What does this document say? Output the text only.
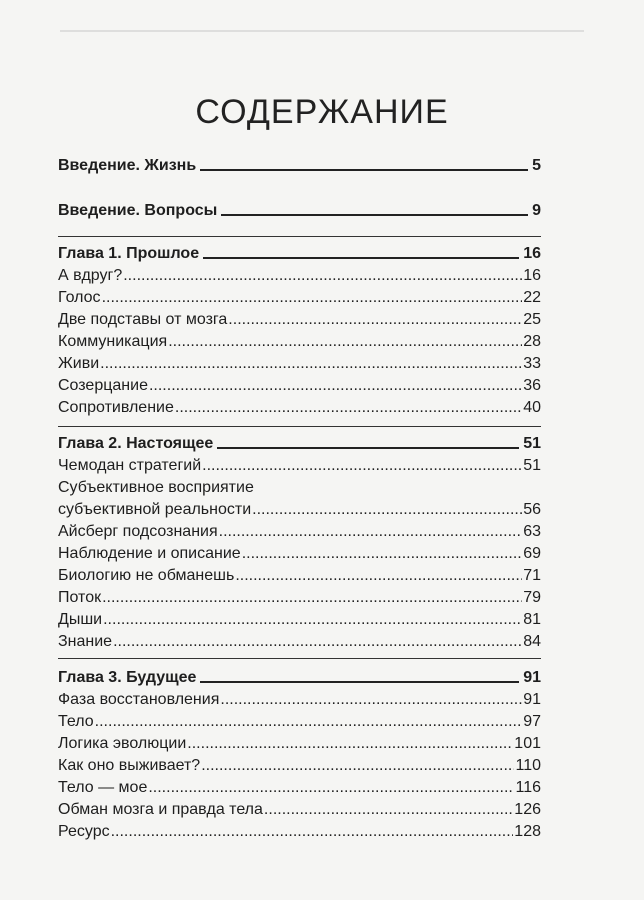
СОДЕРЖАНИЕ
Введение. Жизнь	5
Введение. Вопросы	9
Глава 1. Прошлое	16
А вдруг? .....	16
Голос .....	22
Две подставы от мозга .....	25
Коммуникация .....	28
Живи .....	33
Созерцание .....	36
Сопротивление .....	40
Глава 2. Настоящее	51
Чемодан стратегий .....	51
Субъективное восприятие
субъективной реальности .....	56
Айсберг подсознания .....	63
Наблюдение и описание .....	69
Биологию не обманешь .....	71
Поток .....	79
Дыши .....	81
Знание .....	84
Глава 3. Будущее	91
Фаза восстановления .....	91
Тело .....	97
Логика эволюции .....	101
Как оно выживает? .....	110
Тело — мое .....	116
Обман мозга и правда тела .....	126
Ресурс .....	128
